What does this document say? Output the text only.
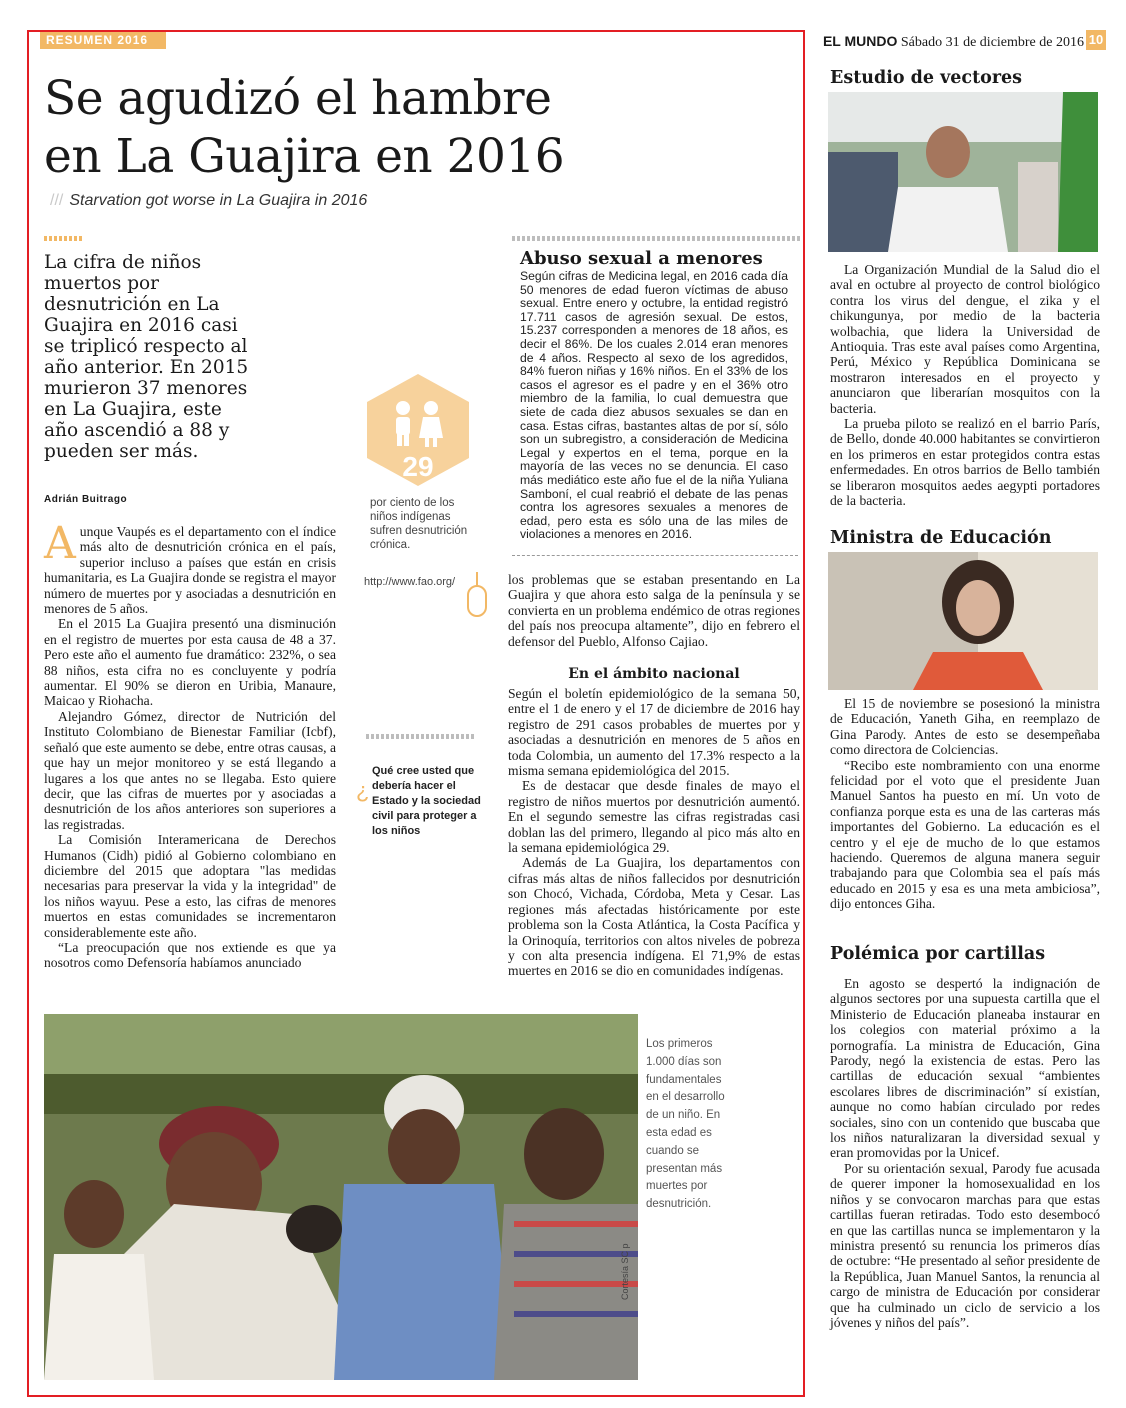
RESUMEN 2016	EL MUNDO Sábado 31 de diciembre de 2016 10
Se agudizó el hambre
en La Guajira en 2016
/// Starvation got worse in La Guajira in 2016
La cifra de niños muertos por desnutrición en La Guajira en 2016 casi se triplicó respecto al año anterior. En 2015 murieron 37 menores en La Guajira, este año ascendió a 88 y pueden ser más.
Adrián Buitrago

Aunque Vaupés es el departamento con el índice más alto de desnutrición crónica en el país, superior incluso a países que están en crisis humanitaria, es La Guajira donde se registra el mayor número de muertes por y asociadas a desnutrición en menores de 5 años.

En el 2015 La Guajira presentó una disminución en el registro de muertes por esta causa de 48 a 37. Pero este año el aumento fue dramático: 232%, o sea 88 niños, esta cifra no es concluyente y podría aumentar. El 90% se dieron en Uribia, Manaure, Maicao y Riohacha.

Alejandro Gómez, director de Nutrición del Instituto Colombiano de Bienestar Familiar (Icbf), señaló que este aumento se debe, entre otras causas, a que hay un mejor monitoreo y se está llegando a lugares a los que antes no se llegaba. Esto quiere decir, que las cifras de muertes por y asociadas a desnutrición de los años anteriores son superiores a las registradas.

La Comisión Interamericana de Derechos Humanos (Cidh) pidió al Gobierno colombiano en diciembre del 2015 que adoptara "las medidas necesarias para preservar la vida y la integridad" de los niños wayuu. Pese a esto, las cifras de menores muertos en estas comunidades se incrementaron considerablemente este año.

“La preocupación que nos extiende es que ya nosotros como Defensoría habíamos anunciado

29
por ciento de los niños indígenas sufren desnutrición crónica.
http://www.fao.org/
¿
Qué cree usted que debería hacer el Estado y la sociedad civil para proteger a los niños
Abuso sexual a menores
Según cifras de Medicina legal, en 2016 cada día 50 menores de edad fueron víctimas de abuso sexual. Entre enero y octubre, la entidad registró 17.711 casos de agresión sexual. De estos, 15.237 corresponden a menores de 18 años, es decir el 86%. De los cuales 2.014 eran menores de 4 años. Respecto al sexo de los agredidos, 84% fueron niñas y 16% niños. En el 33% de los casos el agresor es el padre y en el 36% otro miembro de la familia, lo cual demuestra que siete de cada diez abusos sexuales se dan en casa. Estas cifras, bastantes altas de por sí, sólo son un subregistro, a consideración de Medicina Legal y expertos en el tema, porque en la mayoría de las veces no se denuncia. El caso más mediático este año fue el de la niña Yuliana Samboní, el cual reabrió el debate de las penas contra los agresores sexuales a menores de edad, pero esta es sólo una de las miles de violaciones a menores en 2016.

los problemas que se estaban presentando en La Guajira y que ahora esto salga de la península y se convierta en un problema endémico de otras regiones del país nos preocupa altamente”, dijo en febrero el defensor del Pueblo, Alfonso Cajiao.

En el ámbito nacional

Según el boletín epidemiológico de la semana 50, entre el 1 de enero y el 17 de diciembre de 2016 hay registro de 291 casos probables de muertes por y asociadas a desnutrición en menores de 5 años en toda Colombia, un aumento del 17.3% respecto a la misma semana epidemiológica del 2015.

Es de destacar que desde finales de mayo el registro de niños muertos por desnutrición aumentó. En el segundo semestre las cifras registradas casi doblan las del primero, llegando al pico más alto en la semana epidemiológica 29.

Además de La Guajira, los departamentos con cifras más altas de niños fallecidos por desnutrición son Chocó, Vichada, Córdoba, Meta y Cesar. Las regiones más afectadas históricamente por este problema son la Costa Atlántica, la Costa Pacífica y la Orinoquía, territorios con altos niveles de pobreza y con alta presencia indígena. El 71,9% de estas muertes en 2016 se dio en comunidades indígenas.

Los primeros 1.000 días son fundamentales en el desarrollo de un niño. En esta edad es cuando se presentan más muertes por desnutrición.
Cortesía SC p
Estudio de vectores

La Organización Mundial de la Salud dio el aval en octubre al proyecto de control biológico contra los virus del dengue, el zika y el chikungunya, por medio de la bacteria wolbachia, que lidera la Universidad de Antioquia. Tras este aval países como Argentina, Perú, México y República Dominicana se mostraron interesados en el proyecto y anunciaron que liberarían mosquitos con la bacteria.

La prueba piloto se realizó en el barrio París, de Bello, donde 40.000 habitantes se convirtieron en los primeros en estar protegidos contra estas enfermedades. En otros barrios de Bello también se liberaron mosquitos aedes aegypti portadores de la bacteria.

Ministra de Educación

El 15 de noviembre se posesionó la ministra de Educación, Yaneth Giha, en reemplazo de Gina Parody. Antes de esto se desempeñaba como directora de Colciencias.

“Recibo este nombramiento con una enorme felicidad por el voto que el presidente Juan Manuel Santos ha puesto en mí. Un voto de confianza porque esta es una de las carteras más importantes del Gobierno. La educación es el centro y el eje de mucho de lo que estamos haciendo. Queremos de alguna manera seguir trabajando para que Colombia sea el país más educado en 2015 y esa es una meta ambiciosa”, dijo entonces Giha.

Polémica por cartillas

En agosto se despertó la indignación de algunos sectores por una supuesta cartilla que el Ministerio de Educación planeaba instaurar en los colegios con material próximo a la pornografía. La ministra de Educación, Gina Parody, negó la existencia de estas. Pero las cartillas de educación sexual “ambientes escolares libres de discriminación” sí existían, aunque no como habían circulado por redes sociales, sino con un contenido que buscaba que los niños naturalizaran la diversidad sexual y eran promovidas por la Unicef.

Por su orientación sexual, Parody fue acusada de querer imponer la homosexualidad en los niños y se convocaron marchas para que estas cartillas fueran retiradas. Todo esto desembocó en que las cartillas nunca se implementaron y la ministra presentó su renuncia los primeros días de octubre: “He presentado al señor presidente de la República, Juan Manuel Santos, la renuncia al cargo de ministra de Educación por considerar que ha culminado un ciclo de servicio a los jóvenes y niños del país”.
